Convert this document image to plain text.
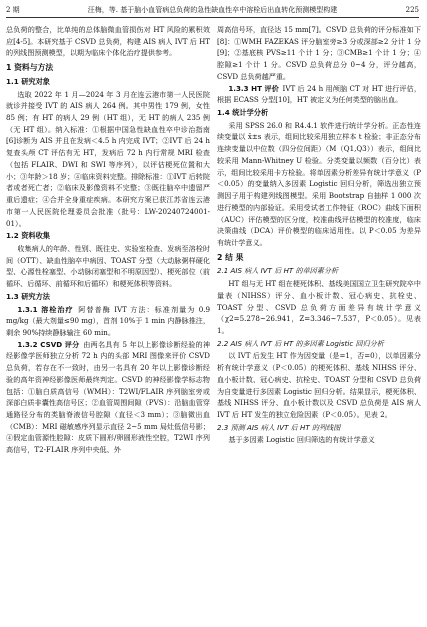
2 期	汪梅，等. 基于脑小血管病总负荷的急性缺血性卒中溶栓后出血转化预测模型构建	225

总负荷的整合，比单纯的总体脑微血管损伤对 HT 风险的累积效应[4-5]。本研究基于 CSVD 总负荷，构建 AIS 病人 IVT 后 HT 的列线图预测模型，以期为临床个体化治疗提供参考。

1 资料与方法
1.1 研究对象

选取 2022 年 1 月—2024 年 3 月在连云港市第一人民医院就诊并接受 IVT 的 AIS 病人 264 例。其中男性 179 例，女性 85 例；有 HT 的病人 29 例（HT 组），无 HT 的病人 235 例（无 HT 组）。纳入标准：①根据中国急性缺血性卒中诊治指南[6]诊断为 AIS 并且在发病＜4.5 h 内完成 IVT；②IVT 后 24 h 复查头颅 CT 评估有无 HT，发病后 72 h 内行常规 MRI 检查（包括 FLAIR、DWI 和 SWI 等序列），以评估梗死位置和大小；③年龄＞18 岁；④临床资料完整。排除标准：①IVT 后转院者或者死亡者；②临床及影像资料不完整；③既往脑卒中遗留严重后遗症；④合并全身重症疾病。本研究方案已获江苏省连云港市第一人民医院伦理委员会批准（批号：LW-20240724001-01）。

1.2 资料收集

收集病人的年龄、性别、既往史、实验室检查、发病至溶栓时间（OTT）、缺血性脑卒中病因、TOAST 分型（大动脉粥样硬化型、心源性栓塞型、小动脉闭塞型和不明原因型）、梗死部位（前循环、后循环、前循环和后循环）和梗死体积等资料。

1.3 研究方法

1.3.1 溶栓治疗  阿替普酶 IVT 方法：标准剂量为 0.9 mg/kg（最大剂量≤90 mg），首剂 10%于 1 min 内静脉推注，剩余 90%持续静脉输注 60 min。

1.3.2 CSVD 评分  由两名具有 5 年以上影像诊断经验的神经影像学医师独立分析 72 h 内的头部 MRI 图像来评价 CSVD 总负荷，若存在不一致时，由另一名具有 20 年以上影像诊断经验的高年资神经影像医师最终判定。CSVD 的神经影像学标志物包括：①脑白质高信号（WMH）：T2WI/FLAIR 序列脑室旁或深部白质非囊性高信号区；②血管周围间隙（PVS）：沿脑血管穿通路径分布的类脑脊液信号腔隙（直径＜3 mm）；③脑微出血（CMB）：MRI 磁敏感序列显示直径 2~5 mm 局灶低信号影；④假定血管源性腔隙：皮质下圆形/卵圆形液性空腔，T2WI 序列高信号，T2-FLAIR 序列中央低、外

周高信号环，直径达 15 mm[7]。CSVD 总负荷的评分标准如下[8]：①WMH FAZEKAS 评分脑室旁≥3 分或深部≥2 分计 1 分[9]；②基底核 PVS≥11 个计 1 分；③CMB≥1 个计 1 分；④腔隙≥1 个计 1 分。CSVD 总负荷总分 0~4 分，评分越高，CSVD 总负荷越严重。

1.3.3 HT 评价  IVT 后 24 h 用颅脑 CT 对 HT 进行评估，根据 ECASS 分型[10]，HT 被定义为任何类型的脑出血。

1.4 统计学分析

采用 SPSS 26.0 和 R4.4.1 软件进行统计学分析。正态性连续变量以 x̄±s 表示，组间比较采用独立样本 t 检验；非正态分布连续变量以中位数（四分位间距）（M（Q1,Q3））表示，组间比较采用 Mann-Whitney U 检验。分类变量以频数（百分比）表示，组间比较采用卡方检验。将单因素分析差异有统计学意义（P＜0.05）的变量纳入多因素 Logistic 回归分析，筛选出独立预测因子用于构建列线图模型。采用 Bootstrap 自抽样 1 000 次进行模型的内部验证。采用受试者工作特征（ROC）曲线下面积（AUC）评估模型的区分度，校准曲线评估模型的校准度，临床决策曲线（DCA）评价模型的临床适用性。以 P＜0.05 为差异有统计学意义。

2 结 果
2.1 AIS 病人 IVT 后 HT 的单因素分析

HT 组与无 HT 组在梗死体积、基线美国国立卫生研究院卒中量表（NIHSS）评分、血小板计数、冠心病史、抗栓史、TOAST 分型、CSVD 总负荷方面差异有统计学意义（χ2=5.278~26.941，Z=3.346~7.537，P＜0.05）。见表 1。

2.2 AIS 病人 IVT 后 HT 的多因素 Logistic 回归分析

以 IVT 后发生 HT 作为因变量（是=1，否=0），以单因素分析有统计学意义（P＜0.05）的梗死体积、基线 NIHSS 评分、血小板计数、冠心病史、抗栓史、TOAST 分型和 CSVD 总负荷为自变量进行多因素 Logistic 回归分析。结果显示，梗死体积、基线 NIHSS 评分、血小板计数以及 CSVD 总负荷是 AIS 病人 IVT 后 HT 发生的独立危险因素（P＜0.05）。见表 2。

2.3 预测 AIS 病人 IVT 后 HT 的列线图

基于多因素 Logistic 回归筛选的有统计学意义
